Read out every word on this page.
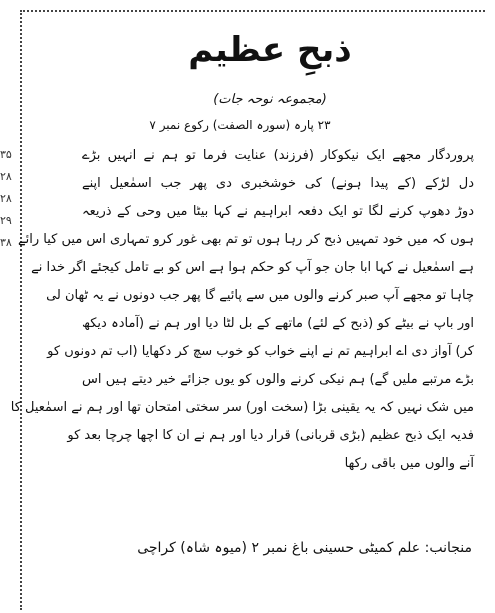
۳۵
۲۸
۲۸
۲۹
۳۸
ذبحِ عظیم
(مجموعہ نوحہ جات)
۲۳ پارہ (سورہ الصفت) رکوع نمبر ۷
پروردگار مجھے ایک نیکوکار (فرزند) عنایت فرما تو ہم نے انہیں بڑے
دل لڑکے (کے پیدا ہونے) کی خوشخبری دی پھر جب اسمٰعیل اپنے
دوڑ دھوپ کرنے لگا تو ایک دفعہ ابراہیم نے کہا بیٹا میں وحی کے ذریعہ
ہوں کہ میں خود تمہیں ذبح کر رہا ہوں تو تم بھی غور کرو تمہاری اس میں کیا رائے
ہے اسمٰعیل نے کہا ابا جان جو آپ کو حکم ہوا ہے اس کو بے تامل کیجئے اگر خدا نے
چاہا تو مجھے آپ صبر کرنے والوں میں سے پائیے گا پھر جب دونوں نے یہ ٹھان لی
اور باپ نے بیٹے کو (ذبح کے لئے) ماتھے کے بل لٹا دیا اور ہم نے (آمادہ دیکھ
کر) آواز دی اے ابراہیم تم نے اپنے خواب کو خوب سچ کر دکھایا (اب تم دونوں کو
بڑے مرتبے ملیں گے) ہم نیکی کرنے والوں کو یوں جزائے خیر دیتے ہیں اس
میں شک نہیں کہ یہ یقینی بڑا (سخت اور) سر سختی امتحان تھا اور ہم نے اسمٰعیل کا
فدیہ ایک ذبح عظیم (بڑی قربانی) قرار دیا اور ہم نے ان کا اچھا چرچا بعد کو
آنے والوں میں باقی رکھا
منجانب: علم کمیٹی حسینی باغ نمبر ۲ (میوہ شاہ) کراچی
